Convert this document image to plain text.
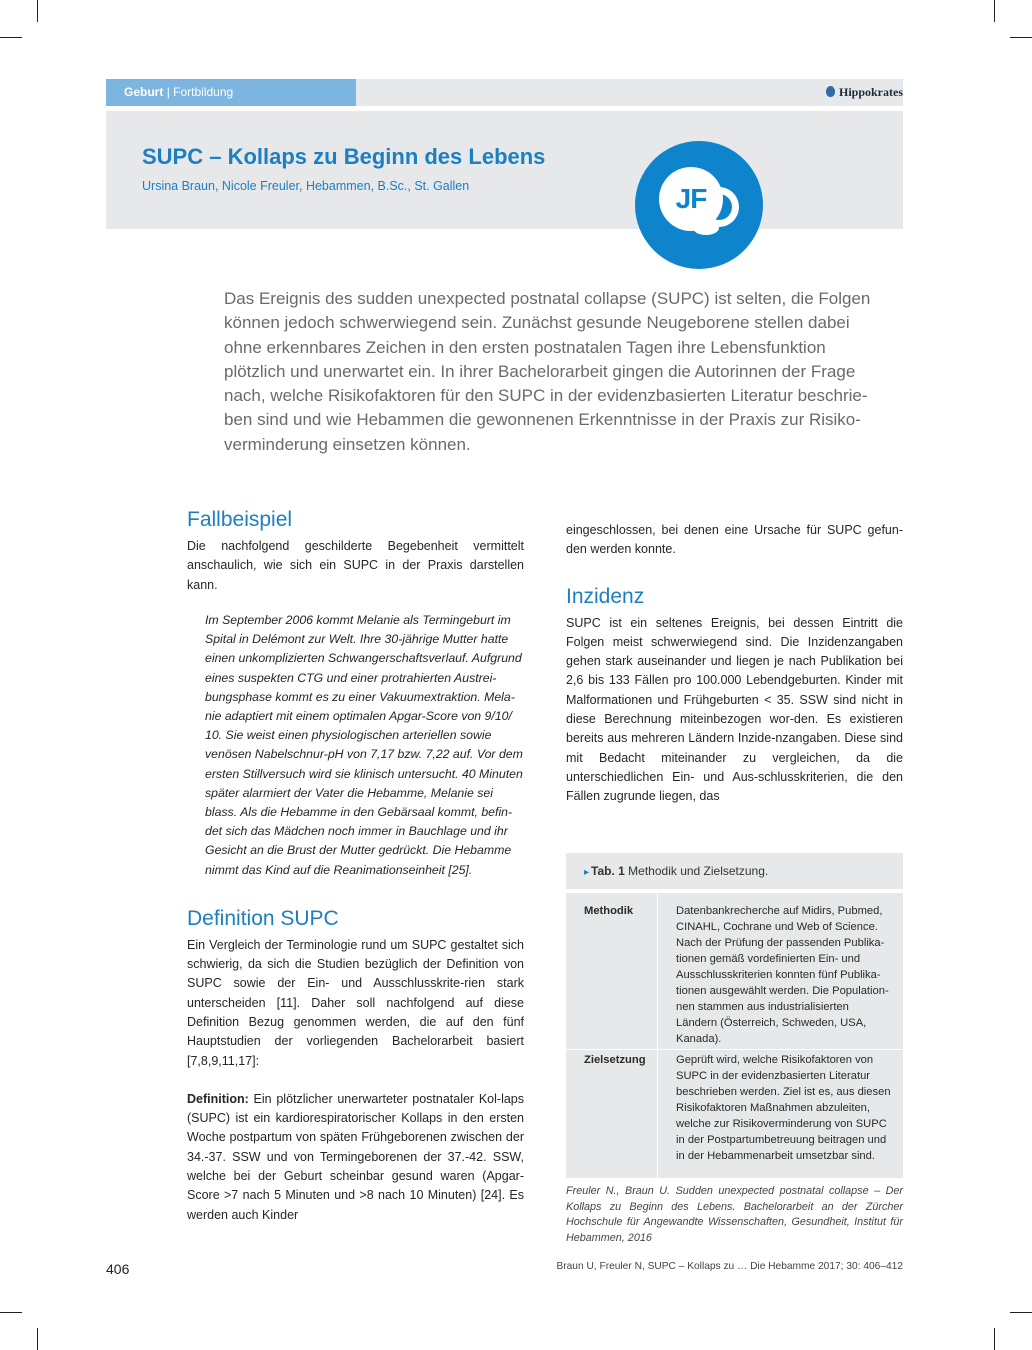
Geburt | Fortbildung	Hippokrates
SUPC – Kollaps zu Beginn des Lebens
Ursina Braun, Nicole Freuler, Hebammen, B.Sc., St. Gallen	JF
Das Ereignis des sudden unexpected postnatal collapse (SUPC) ist selten, die Folgen
können jedoch schwerwiegend sein. Zunächst gesunde Neugeborene stellen dabei
ohne erkennbares Zeichen in den ersten postnatalen Tagen ihre Lebensfunktion
plötzlich und unerwartet ein. In ihrer Bachelorarbeit gingen die Autorinnen der Frage
nach, welche Risikofaktoren für den SUPC in der evidenzbasierten Literatur beschrie-
ben sind und wie Hebammen die gewonnenen Erkenntnisse in der Praxis zur Risiko-
verminderung einsetzen können.
Fallbeispiel

Die nachfolgend geschilderte Begebenheit vermittelt anschaulich, wie sich ein SUPC in der Praxis darstellen kann.

Im September 2006 kommt Melanie als Termingeburt im
Spital in Delémont zur Welt. Ihre 30-jährige Mutter hatte
einen unkomplizierten Schwangerschaftsverlauf. Aufgrund
eines suspekten CTG und einer protrahierten Austrei-
bungsphase kommt es zu einer Vakuumextraktion. Mela-
nie adaptiert mit einem optimalen Apgar-Score von 9/10/
10. Sie weist einen physiologischen arteriellen sowie
venösen Nabelschnur-pH von 7,17 bzw. 7,22 auf. Vor dem
ersten Stillversuch wird sie klinisch untersucht. 40 Minuten
später alarmiert der Vater die Hebamme, Melanie sei
blass. Als die Hebamme in den Gebärsaal kommt, befin-
det sich das Mädchen noch immer in Bauchlage und ihr
Gesicht an die Brust der Mutter gedrückt. Die Hebamme
nimmt das Kind auf die Reanimationseinheit [25].
Definition SUPC

Ein Vergleich der Terminologie rund um SUPC gestaltet sich schwierig, da sich die Studien bezüglich der Definition von SUPC sowie der Ein- und Ausschlusskrite-rien stark unterscheiden [11]. Daher soll nachfolgend auf diese Definition Bezug genommen werden, die auf den fünf Hauptstudien der vorliegenden Bachelorarbeit basiert [7,8,9,11,17]:

Definition: Ein plötzlicher unerwarteter postnataler Kol-laps (SUPC) ist ein kardiorespiratorischer Kollaps in den ersten Woche postpartum von späten Frühgeborenen zwischen der 34.-37. SSW und von Termingeborenen der 37.-42. SSW, welche bei der Geburt scheinbar gesund waren (Apgar-Score >7 nach 5 Minuten und >8 nach 10 Minuten) [24]. Es werden auch Kinder

eingeschlossen, bei denen eine Ursache für SUPC gefun-den werden konnte.

Inzidenz

SUPC ist ein seltenes Ereignis, bei dessen Eintritt die Folgen meist schwerwiegend sind. Die Inzidenzangaben gehen stark auseinander und liegen je nach Publikation bei 2,6 bis 133 Fällen pro 100.000 Lebendgeburten. Kinder mit Malformationen und Frühgeburten < 35. SSW sind nicht in diese Berechnung miteinbezogen wor-den. Es existieren bereits aus mehreren Ländern Inzide-nzangaben. Diese sind mit Bedacht miteinander zu vergleichen, da die unterschiedlichen Ein- und Aus-schlusskriterien, die den Fällen zugrunde liegen, das

▸ Tab. 1 Methodik und Zielsetzung.
Methodik	Datenbankrecherche auf Midirs, Pubmed,
CINAHL, Cochrane und Web of Science.
Nach der Prüfung der passenden Publika-
tionen gemäß vordefinierten Ein- und
Ausschlusskriterien konnten fünf Publika-
tionen ausgewählt werden. Die Population-
nen stammen aus industrialisierten
Ländern (Österreich, Schweden, USA,
Kanada).
Zielsetzung	Geprüft wird, welche Risikofaktoren von
SUPC in der evidenzbasierten Literatur
beschrieben werden. Ziel ist es, aus diesen
Risikofaktoren Maßnahmen abzuleiten,
welche zur Risikoverminderung von SUPC
in der Postpartumbetreuung beitragen und
in der Hebammenarbeit umsetzbar sind.
Freuler N., Braun U. Sudden unexpected postnatal collapse – Der Kollaps zu Beginn des Lebens. Bachelorarbeit an der Zürcher Hochschule für Angewandte Wissenschaften, Gesundheit, Institut für Hebammen, 2016
406	Braun U, Freuler N, SUPC – Kollaps zu … Die Hebamme 2017; 30: 406–412
